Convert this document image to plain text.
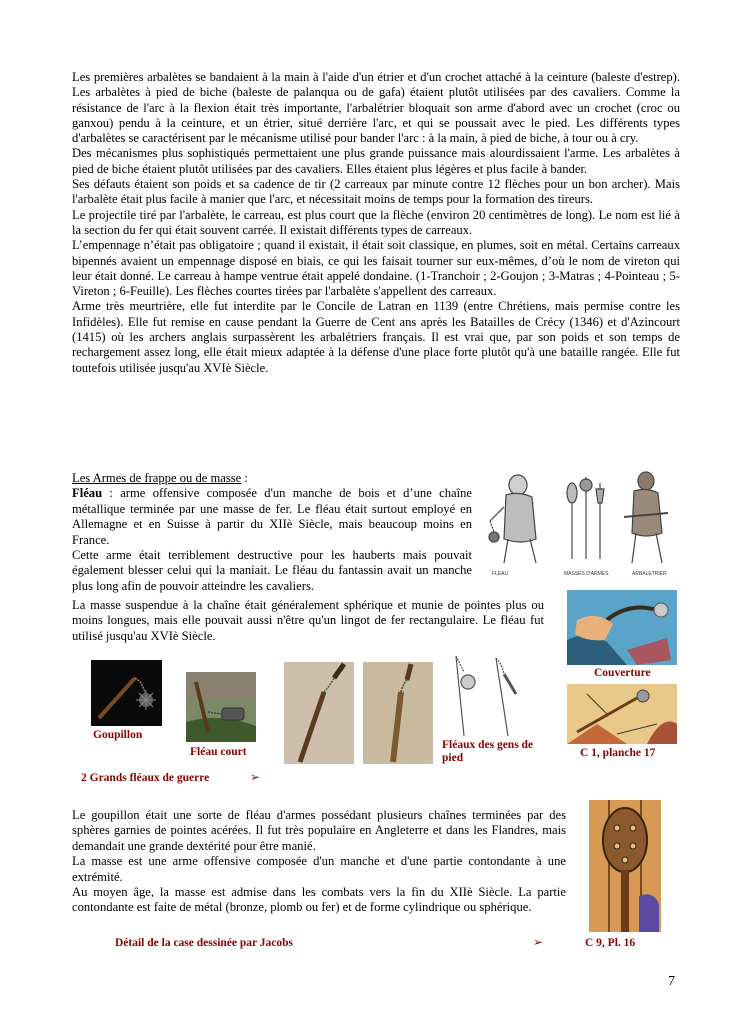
Les premières arbalètes se bandaient à la main à l'aide d'un étrier et d'un crochet attaché à la ceinture (baleste d'estrep). Les arbalètes à pied de biche (baleste de palanqua ou de gafa) étaient plutôt utilisées par des cavaliers. Comme la résistance de l'arc à la flexion était très importante, l'arbalétrier bloquait son arme d'abord avec un crochet (croc ou ganxou) pendu à la ceinture, et un étrier, situé derrière l'arc, et qui se poussait avec le pied. Les différents types d'arbalètes se caractérisent par le mécanisme utilisé pour bander l'arc : à la main, à pied de biche, à tour ou à cry.

Des mécanismes plus sophistiqués permettaient une plus grande puissance mais alourdissaient l'arme. Les arbalètes à pied de biche étaient plutôt utilisées par des cavaliers. Elles étaient plus légères et plus facile à bander.

Ses défauts étaient son poids et sa cadence de tir (2 carreaux par minute contre 12 flèches pour un bon archer). Mais l'arbalète était plus facile à manier que l'arc, et nécessitait moins de temps pour la formation des tireurs.

Le projectile tiré par l'arbalète, le carreau, est plus court que la flèche (environ 20 centimètres de long). Le nom est lié à la section du fer qui était souvent carrée. Il existait différents types de carreaux.

L’empennage n’était pas obligatoire ; quand il existait, il était soit classique, en plumes, soit en métal. Certains carreaux bipennés avaient un empennage disposé en biais, ce qui les faisait tourner sur eux-mêmes, d’où le nom de vireton qui leur était donné. Le carreau à hampe ventrue était appelé dondaine. (1-Tranchoir ; 2-Goujon ; 3-Matras ; 4-Pointeau ; 5-Vireton ; 6-Feuille). Les flèches courtes tirées par l'arbalète s'appellent des carreaux.

Arme très meurtrière, elle fut interdite par le Concile de Latran en 1139 (entre Chrétiens, mais permise contre les Infidèles). Elle fut remise en cause pendant la Guerre de Cent ans après les Batailles de Crécy (1346) et d'Azincourt (1415) où les archers anglais surpassèrent les arbalétriers français. Il est vrai que, par son poids et son temps de rechargement assez long, elle était mieux adaptée à la défense d'une place forte plutôt qu'à une bataille rangée. Elle fut toutefois utilisée jusqu'au XVIè Siècle.

Les Armes de frappe ou de masse :

Fléau : arme offensive composée d'un manche de bois et d’une chaîne métallique terminée par une masse de fer. Le fléau était surtout employé en Allemagne et en Suisse à partir du XIIè Siècle, mais beaucoup moins en France.

Cette arme était terriblement destructive pour les hauberts mais pouvait également blesser celui qui la maniait. Le fléau du fantassin avait un manche plus long afin de pouvoir atteindre les cavaliers.

La masse suspendue à la chaîne était généralement sphérique et munie de pointes plus ou moins longues, mais elle pouvait aussi n'être qu'un lingot de fer rectangulaire. Le fléau fut utilisé jusqu'au XVIè Siècle.

FLEAU	MASSES D'ARMES	ARBALETRIER
Couverture
C 1, planche 17
Goupillon
Fléau court
2 Grands fléaux de guerre	➢
Fléaux des gens de pied

Le goupillon était une sorte de fléau d'armes possédant plusieurs chaînes terminées par des sphères garnies de pointes acérées. Il fut très populaire en Angleterre et dans les Flandres, mais demandait une grande dextérité pour être manié.

La masse est une arme offensive composée d'un manche et d'une partie contondante à une extrémité.

Au moyen âge, la masse est admise dans les combats vers la fin du XIIè Siècle. La partie contondante est faite de métal (bronze, plomb ou fer) et de forme cylindrique ou sphérique.

Détail de la case dessinée par Jacobs	➢	C 9, Pl. 16
7
